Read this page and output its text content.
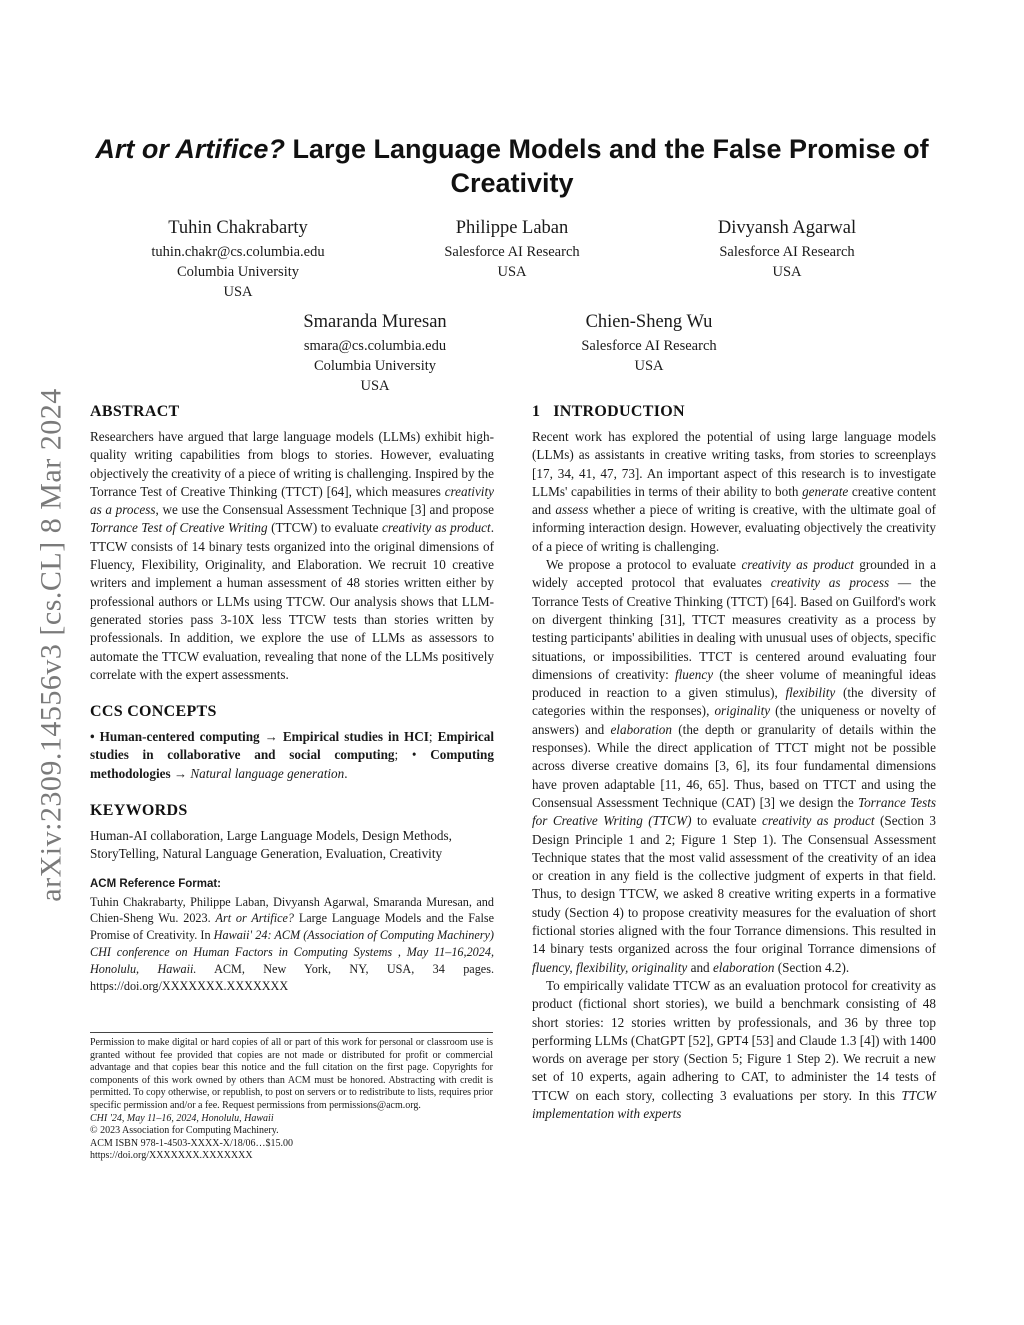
arXiv:2309.14556v3 [cs.CL] 8 Mar 2024
Art or Artifice? Large Language Models and the False Promise of Creativity
Tuhin Chakrabarty
tuhin.chakr@cs.columbia.edu
Columbia University
USA
Philippe Laban
Salesforce AI Research
USA
Divyansh Agarwal
Salesforce AI Research
USA
Smaranda Muresan
smara@cs.columbia.edu
Columbia University
USA
Chien-Sheng Wu
Salesforce AI Research
USA
ABSTRACT

Researchers have argued that large language models (LLMs) exhibit high-quality writing capabilities from blogs to stories. However, evaluating objectively the creativity of a piece of writing is challenging. Inspired by the Torrance Test of Creative Thinking (TTCT) [64], which measures creativity as a process, we use the Consensual Assessment Technique [3] and propose Torrance Test of Creative Writing (TTCW) to evaluate creativity as product. TTCW consists of 14 binary tests organized into the original dimensions of Fluency, Flexibility, Originality, and Elaboration. We recruit 10 creative writers and implement a human assessment of 48 stories written either by professional authors or LLMs using TTCW. Our analysis shows that LLM-generated stories pass 3-10X less TTCW tests than stories written by professionals. In addition, we explore the use of LLMs as assessors to automate the TTCW evaluation, revealing that none of the LLMs positively correlate with the expert assessments.

CCS CONCEPTS

• Human-centered computing → Empirical studies in HCI; Empirical studies in collaborative and social computing; • Computing methodologies → Natural language generation.

KEYWORDS

Human-AI collaboration, Large Language Models, Design Methods, StoryTelling, Natural Language Generation, Evaluation, Creativity

ACM Reference Format:

Tuhin Chakrabarty, Philippe Laban, Divyansh Agarwal, Smaranda Muresan, and Chien-Sheng Wu. 2023. Art or Artifice? Large Language Models and the False Promise of Creativity. In Hawaii' 24: ACM (Association of Computing Machinery) CHI conference on Human Factors in Computing Systems , May 11–16,2024, Honolulu, Hawaii. ACM, New York, NY, USA, 34 pages. https://doi.org/XXXXXXX.XXXXXXX

Permission to make digital or hard copies of all or part of this work for personal or classroom use is granted without fee provided that copies are not made or distributed for profit or commercial advantage and that copies bear this notice and the full citation on the first page. Copyrights for components of this work owned by others than ACM must be honored. Abstracting with credit is permitted. To copy otherwise, or republish, to post on servers or to redistribute to lists, requires prior specific permission and/or a fee. Request permissions from permissions@acm.org.

CHI '24, May 11–16, 2024, Honolulu, Hawaii

© 2023 Association for Computing Machinery.

ACM ISBN 978-1-4503-XXXX-X/18/06…$15.00

https://doi.org/XXXXXXX.XXXXXXX

1   INTRODUCTION

Recent work has explored the potential of using large language models (LLMs) as assistants in creative writing tasks, from stories to screenplays [17, 34, 41, 47, 73]. An important aspect of this research is to investigate LLMs' capabilities in terms of their ability to both generate creative content and assess whether a piece of writing is creative, with the ultimate goal of informing interaction design. However, evaluating objectively the creativity of a piece of writing is challenging.

We propose a protocol to evaluate creativity as product grounded in a widely accepted protocol that evaluates creativity as process — the Torrance Tests of Creative Thinking (TTCT) [64]. Based on Guilford's work on divergent thinking [31], TTCT measures creativity as a process by testing participants' abilities in dealing with unusual uses of objects, specific situations, or impossibilities. TTCT is centered around evaluating four dimensions of creativity: fluency (the sheer volume of meaningful ideas produced in reaction to a given stimulus), flexibility (the diversity of categories within the responses), originality (the uniqueness or novelty of answers) and elaboration (the depth or granularity of details within the responses). While the direct application of TTCT might not be possible across diverse creative domains [3, 6], its four fundamental dimensions have proven adaptable [11, 46, 65]. Thus, based on TTCT and using the Consensual Assessment Technique (CAT) [3] we design the Torrance Tests for Creative Writing (TTCW) to evaluate creativity as product (Section 3 Design Principle 1 and 2; Figure 1 Step 1). The Consensual Assessment Technique states that the most valid assessment of the creativity of an idea or creation in any field is the collective judgment of experts in that field. Thus, to design TTCW, we asked 8 creative writing experts in a formative study (Section 4) to propose creativity measures for the evaluation of short fictional stories aligned with the four Torrance dimensions. This resulted in 14 binary tests organized across the four original Torrance dimensions of fluency, flexibility, originality and elaboration (Section 4.2).

To empirically validate TTCW as an evaluation protocol for creativity as product (fictional short stories), we build a benchmark consisting of 48 short stories: 12 stories written by professionals, and 36 by three top performing LLMs (ChatGPT [52], GPT4 [53] and Claude 1.3 [4]) with 1400 words on average per story (Section 5; Figure 1 Step 2). We recruit a new set of 10 experts, again adhering to CAT, to administer the 14 tests of TTCW on each story, collecting 3 evaluations per story. In this TTCW implementation with experts
